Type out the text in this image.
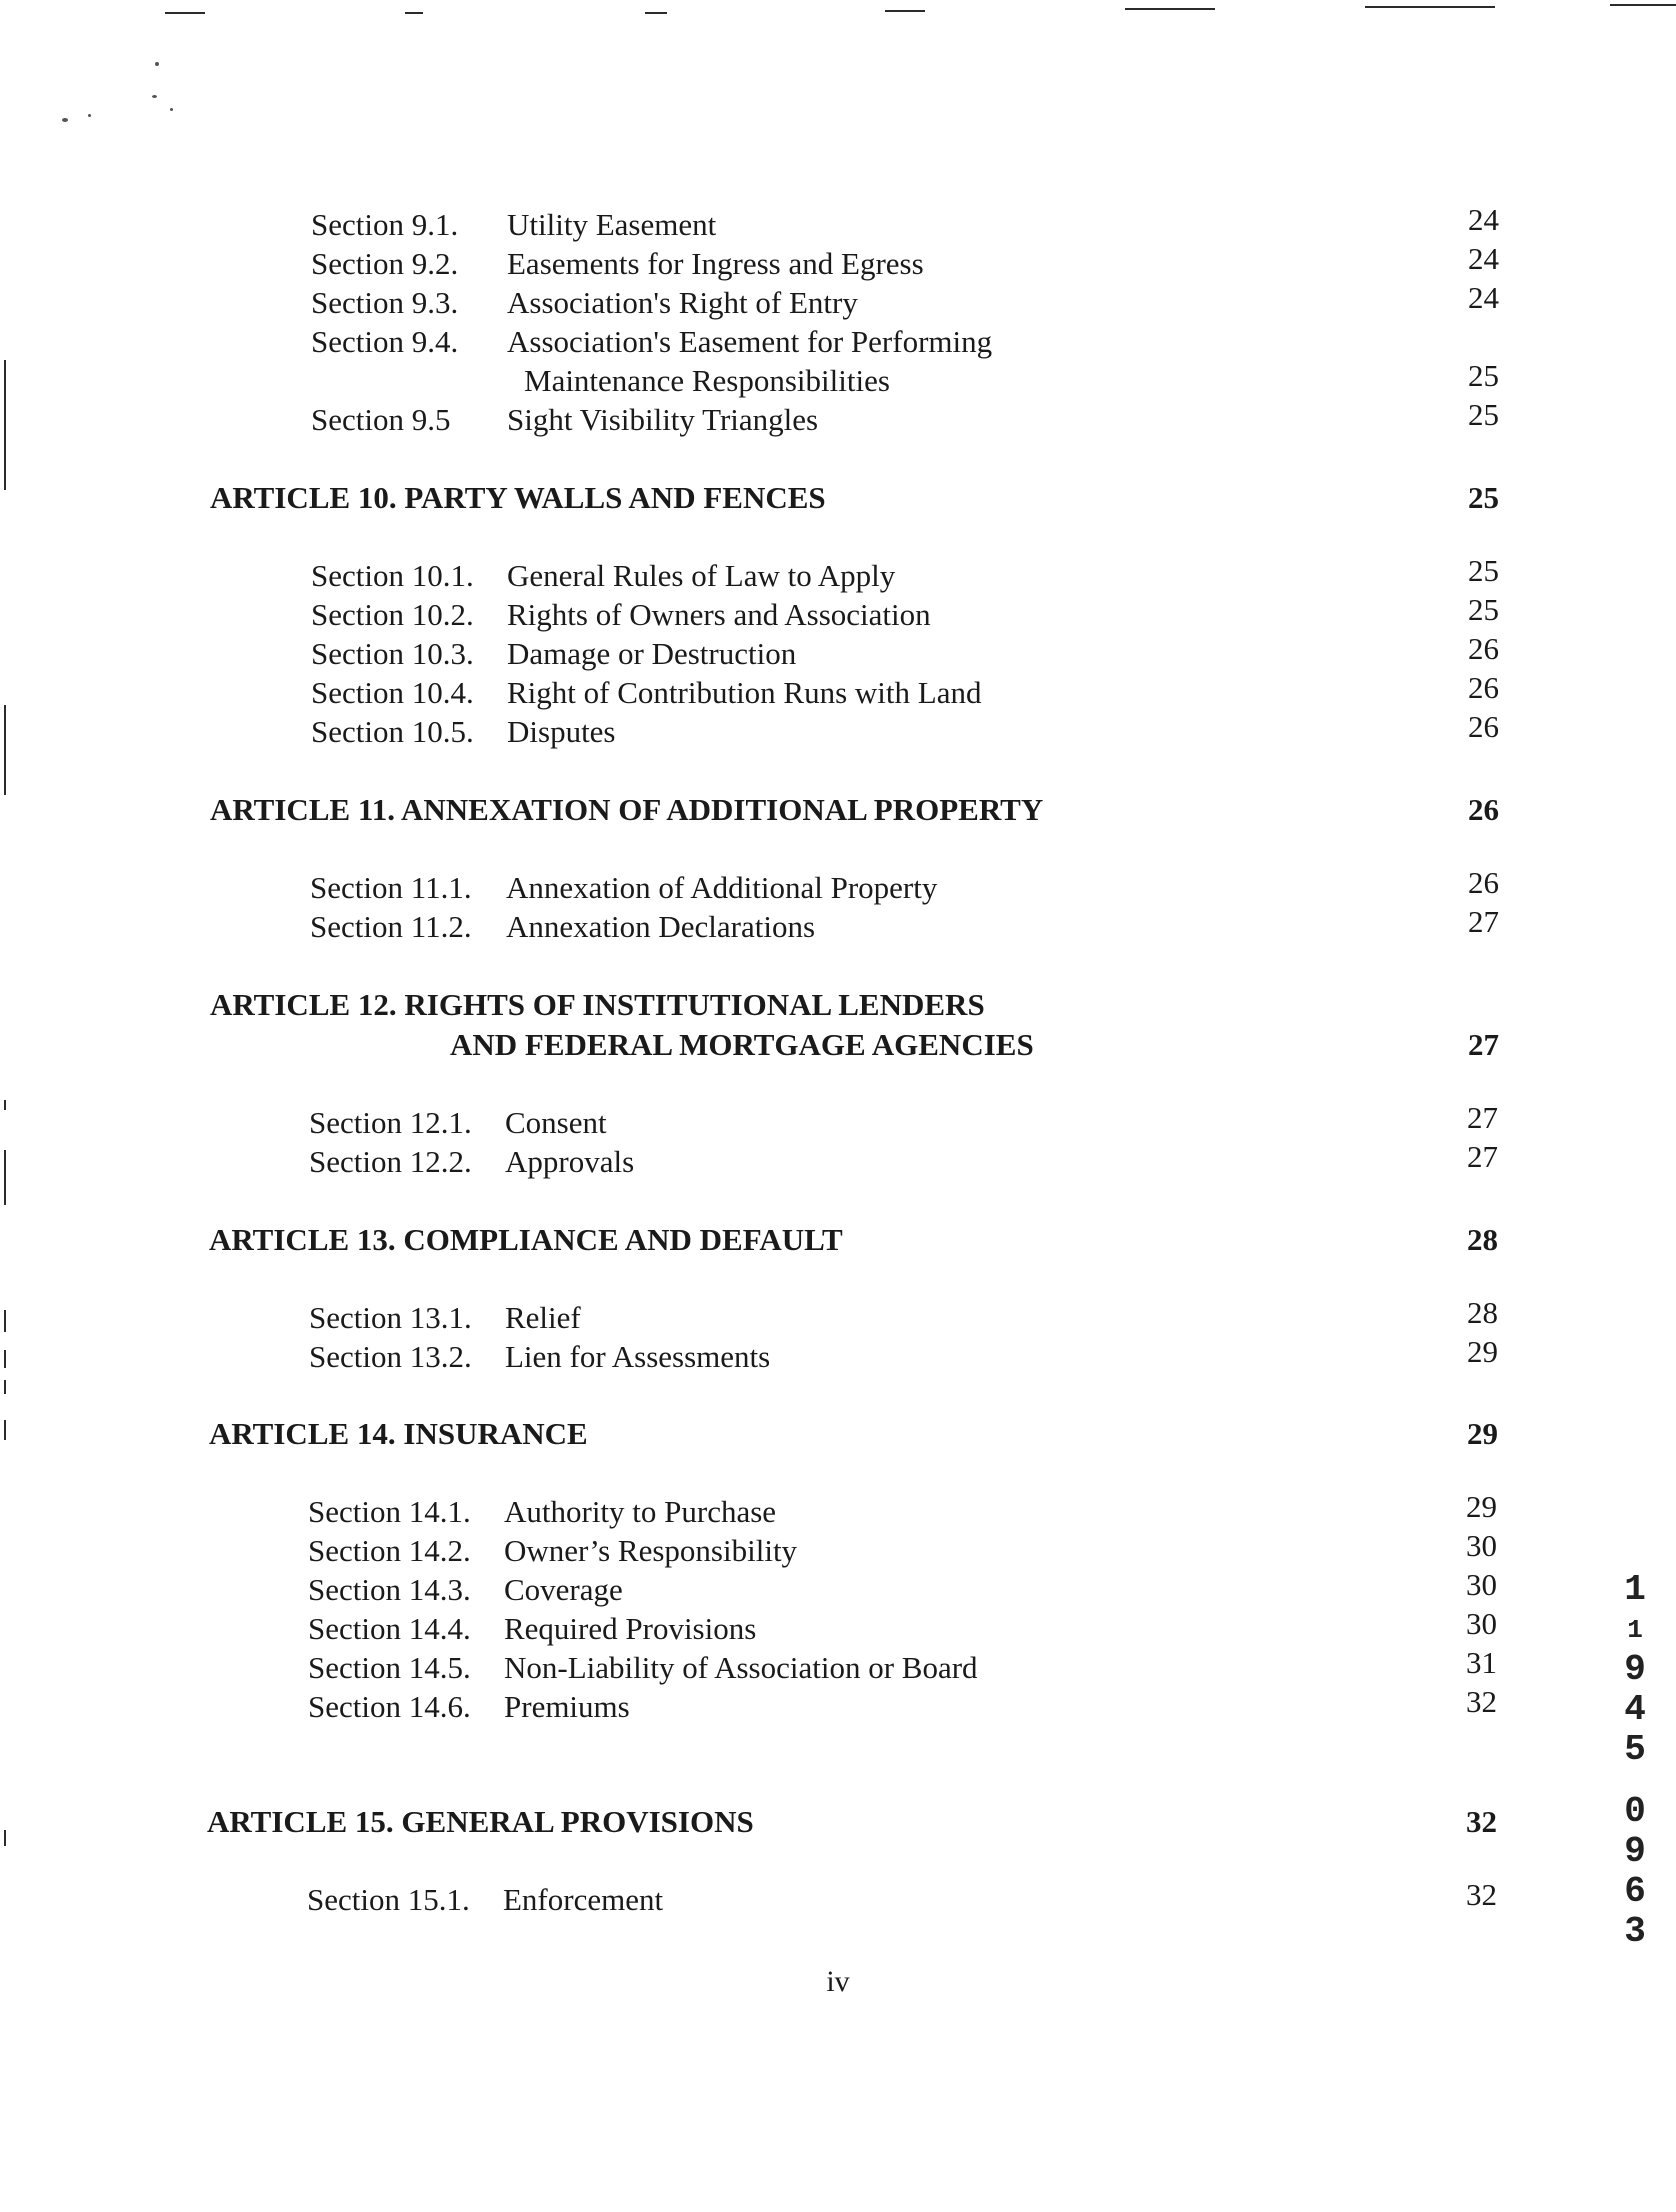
Section 9.1. Utility Easement	24
Section 9.2. Easements for Ingress and Egress	24
Section 9.3. Association's Right of Entry	24
Section 9.4. Association's Easement for Performing
Maintenance Responsibilities	25
Section 9.5 Sight Visibility Triangles	25
ARTICLE 10. PARTY WALLS AND FENCES	25
Section 10.1. General Rules of Law to Apply	25
Section 10.2. Rights of Owners and Association	25
Section 10.3. Damage or Destruction	26
Section 10.4. Right of Contribution Runs with Land	26
Section 10.5. Disputes	26
ARTICLE 11. ANNEXATION OF ADDITIONAL PROPERTY	26
Section 11.1. Annexation of Additional Property	26
Section 11.2. Annexation Declarations	27
ARTICLE 12. RIGHTS OF INSTITUTIONAL LENDERS
AND FEDERAL MORTGAGE AGENCIES	27
Section 12.1. Consent	27
Section 12.2. Approvals	27
ARTICLE 13. COMPLIANCE AND DEFAULT	28
Section 13.1. Relief	28
Section 13.2. Lien for Assessments	29
ARTICLE 14. INSURANCE	29
Section 14.1. Authority to Purchase	29
Section 14.2. Owner’s Responsibility	30
Section 14.3. Coverage	30
Section 14.4. Required Provisions	30
Section 14.5. Non-Liability of Association or Board	31
Section 14.6. Premiums	32
ARTICLE 15. GENERAL PROVISIONS	32
Section 15.1. Enforcement	32
iv
1
1
9
4
5
0
9
6
3
